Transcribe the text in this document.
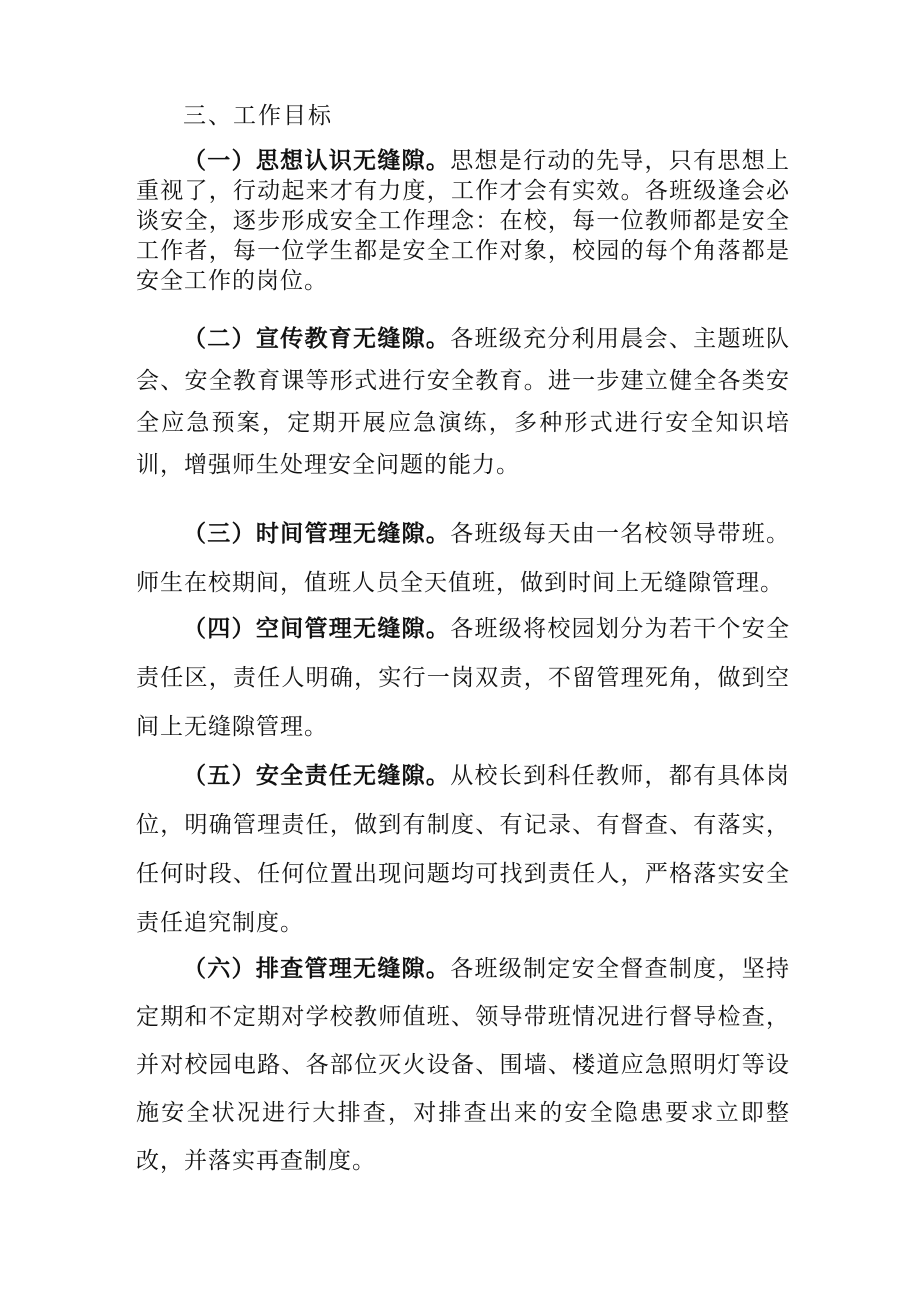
三、工作目标

（一）思想认识无缝隙。思想是行动的先导，只有思想上重视了，行动起来才有力度，工作才会有实效。各班级逢会必谈安全，逐步形成安全工作理念：在校，每一位教师都是安全工作者，每一位学生都是安全工作对象，校园的每个角落都是安全工作的岗位。

（二）宣传教育无缝隙。各班级充分利用晨会、主题班队会、安全教育课等形式进行安全教育。进一步建立健全各类安全应急预案，定期开展应急演练，多种形式进行安全知识培训，增强师生处理安全问题的能力。

（三）时间管理无缝隙。各班级每天由一名校领导带班。师生在校期间，值班人员全天值班，做到时间上无缝隙管理。

（四）空间管理无缝隙。各班级将校园划分为若干个安全责任区，责任人明确，实行一岗双责，不留管理死角，做到空间上无缝隙管理。

（五）安全责任无缝隙。从校长到科任教师，都有具体岗位，明确管理责任，做到有制度、有记录、有督查、有落实，任何时段、任何位置出现问题均可找到责任人，严格落实安全责任追究制度。

（六）排查管理无缝隙。各班级制定安全督查制度，坚持定期和不定期对学校教师值班、领导带班情况进行督导检查，并对校园电路、各部位灭火设备、围墙、楼道应急照明灯等设施安全状况进行大排查，对排查出来的安全隐患要求立即整改，并落实再查制度。
